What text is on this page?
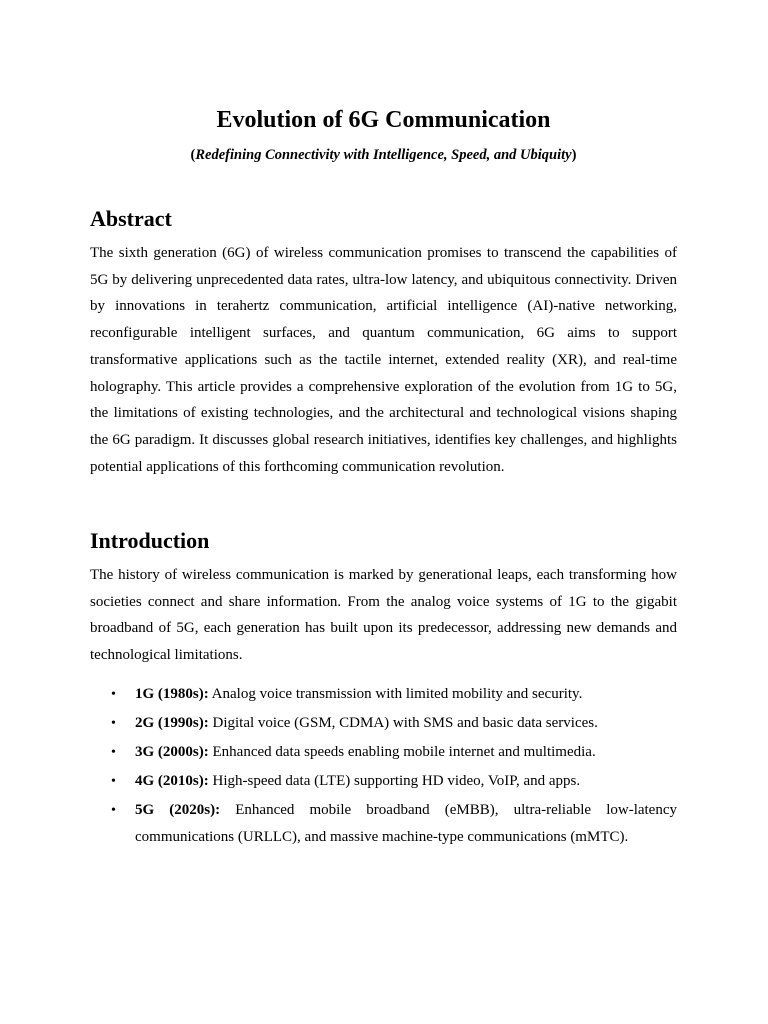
Evolution of 6G Communication

(Redefining Connectivity with Intelligence, Speed, and Ubiquity)

Abstract

The sixth generation (6G) of wireless communication promises to transcend the capabilities of 5G by delivering unprecedented data rates, ultra-low latency, and ubiquitous connectivity. Driven by innovations in terahertz communication, artificial intelligence (AI)-native networking, reconfigurable intelligent surfaces, and quantum communication, 6G aims to support transformative applications such as the tactile internet, extended reality (XR), and real-time holography. This article provides a comprehensive exploration of the evolution from 1G to 5G, the limitations of existing technologies, and the architectural and technological visions shaping the 6G paradigm. It discusses global research initiatives, identifies key challenges, and highlights potential applications of this forthcoming communication revolution.

Introduction

The history of wireless communication is marked by generational leaps, each transforming how societies connect and share information. From the analog voice systems of 1G to the gigabit broadband of 5G, each generation has built upon its predecessor, addressing new demands and technological limitations.

• 1G (1980s): Analog voice transmission with limited mobility and security.
• 2G (1990s): Digital voice (GSM, CDMA) with SMS and basic data services.
• 3G (2000s): Enhanced data speeds enabling mobile internet and multimedia.
• 4G (2010s): High-speed data (LTE) supporting HD video, VoIP, and apps.
• 5G (2020s): Enhanced mobile broadband (eMBB), ultra-reliable low-latency communications (URLLC), and massive machine-type communications (mMTC).
